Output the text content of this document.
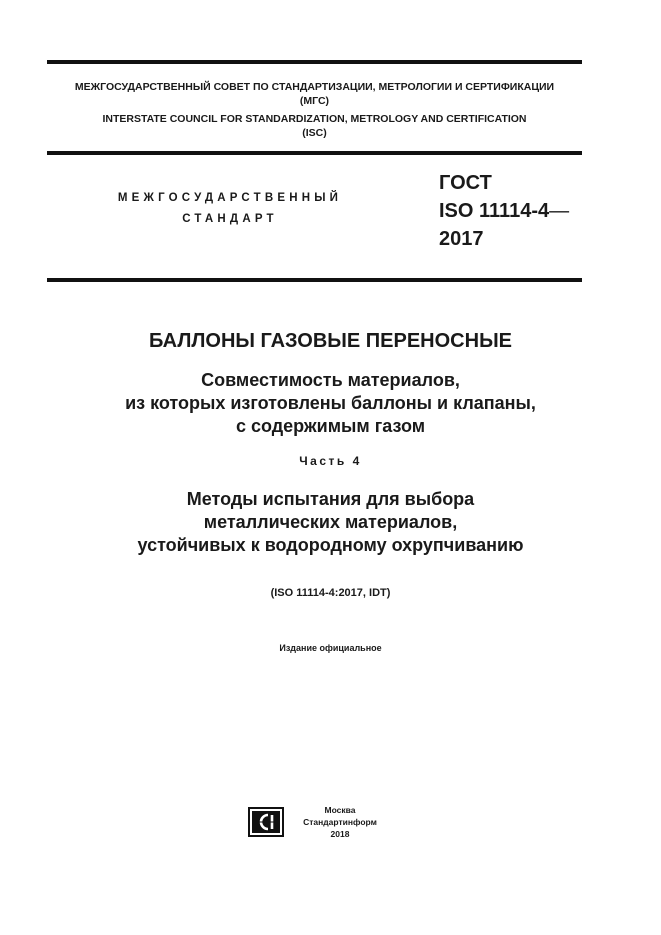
МЕЖГОСУДАРСТВЕННЫЙ СОВЕТ ПО СТАНДАРТИЗАЦИИ, МЕТРОЛОГИИ И СЕРТИФИКАЦИИ
(МГС)
INTERSTATE COUNCIL FOR STANDARDIZATION, METROLOGY AND CERTIFICATION
(ISC)
МЕЖГОСУДАРСТВЕННЫЙ
СТАНДАРТ
ГОСТ
ISO 11114-4—
2017
БАЛЛОНЫ ГАЗОВЫЕ ПЕРЕНОСНЫЕ
Совместимость материалов,
из которых изготовлены баллоны и клапаны,
с содержимым газом
Часть 4
Методы испытания для выбора
металлических материалов,
устойчивых к водородному охрупчиванию
(ISO 11114-4:2017, IDT)
Издание официальное
Москва
Стандартинформ
2018
